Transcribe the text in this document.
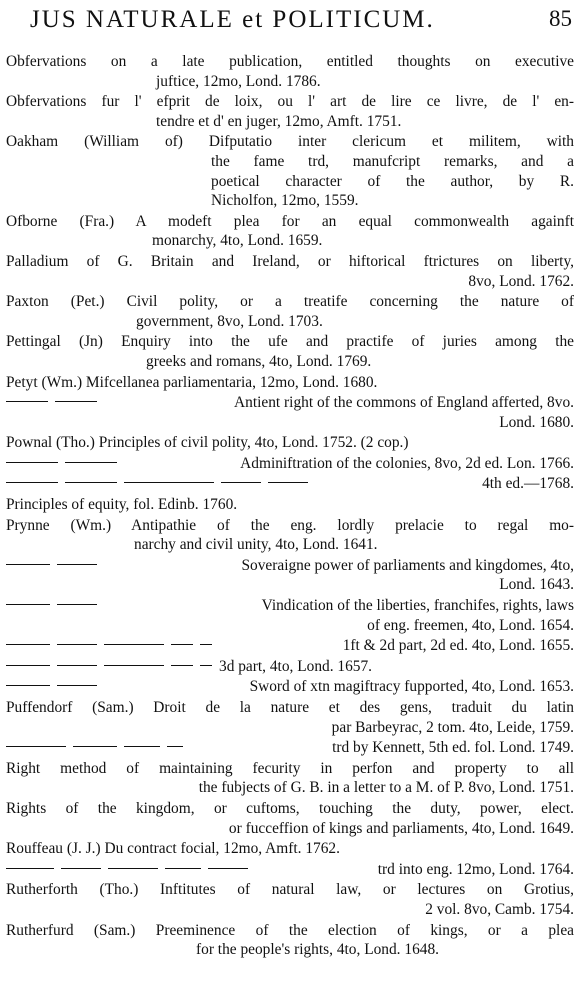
JUS NATURALE et POLITICUM.	85
Obfervations on a late publication, entitled thoughts on executive
juftice, 12mo, Lond. 1786.
Obfervations fur l' efprit de loix, ou l' art de lire ce livre, de l' en-
tendre et d' en juger, 12mo, Amft. 1751.
Oakham (William of) Difputatio inter clericum et militem, with
the fame trd, manufcript remarks, and a
poetical character of the author, by R.
Nicholfon, 12mo, 1559.
Ofborne (Fra.) A modeft plea for an equal commonwealth againft
monarchy, 4to, Lond. 1659.
Palladium of G. Britain and Ireland, or hiftorical ftrictures on liberty,
8vo, Lond. 1762.
Paxton (Pet.) Civil polity, or a treatife concerning the nature of
government, 8vo, Lond. 1703.
Pettingal (Jn) Enquiry into the ufe and practife of juries among the
greeks and romans, 4to, Lond. 1769.
Petyt (Wm.) Mifcellanea parliamentaria, 12mo, Lond. 1680.
Antient right of the commons of England afferted, 8vo.
Lond. 1680.
Pownal (Tho.) Principles of civil polity, 4to, Lond. 1752. (2 cop.)
Adminiftration of the colonies, 8vo, 2d ed. Lon. 1766.
4th ed.—1768.
Principles of equity, fol. Edinb. 1760.
Prynne (Wm.) Antipathie of the eng. lordly prelacie to regal mo-
narchy and civil unity, 4to, Lond. 1641.
Soveraigne power of parliaments and kingdomes, 4to,
Lond. 1643.
Vindication of the liberties, franchifes, rights, laws
of eng. freemen, 4to, Lond. 1654.
1ft & 2d part, 2d ed. 4to, Lond. 1655.
3d part, 4to, Lond. 1657.
Sword of xtn magiftracy fupported, 4to, Lond. 1653.
Puffendorf (Sam.) Droit de la nature et des gens, traduit du latin
par Barbeyrac, 2 tom. 4to, Leide, 1759.
trd by Kennett, 5th ed. fol. Lond. 1749.
Right method of maintaining fecurity in perfon and property to all
the fubjects of G. B. in a letter to a M. of P. 8vo, Lond. 1751.
Rights of the kingdom, or cuftoms, touching the duty, power, elect.
or fucceffion of kings and parliaments, 4to, Lond. 1649.
Rouffeau (J. J.) Du contract focial, 12mo, Amft. 1762.
trd into eng. 12mo, Lond. 1764.
Rutherforth (Tho.) Inftitutes of natural law, or lectures on Grotius,
2 vol. 8vo, Camb. 1754.
Rutherfurd (Sam.) Preeminence of the election of kings, or a plea
for the people's rights, 4to, Lond. 1648.
